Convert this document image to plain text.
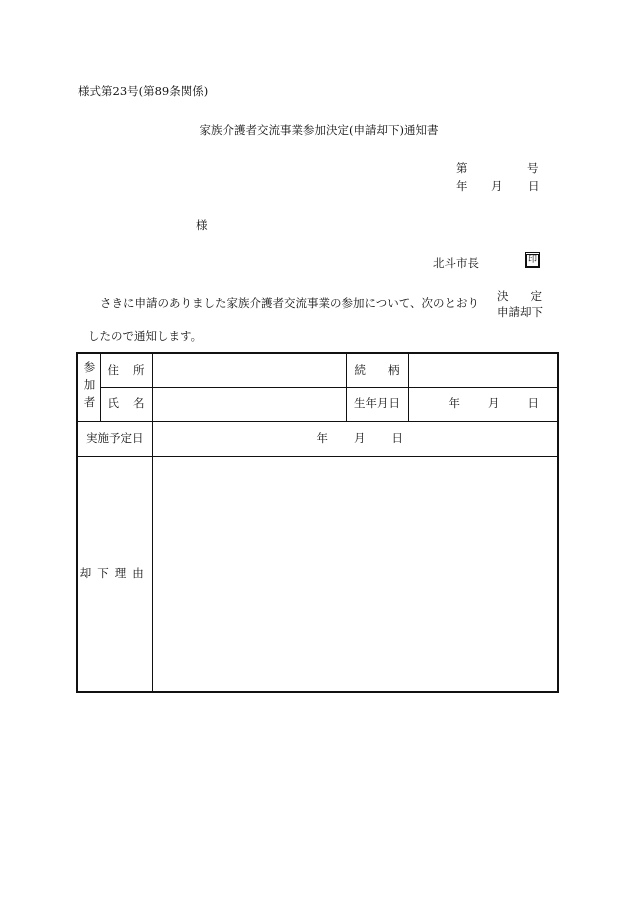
様式第23号(第89条関係)
家族介護者交流事業参加決定(申請却下)通知書
第	号
年 月 日
様
北斗市長	印
さきに申請のありました家族介護者交流事業の参加について、次のとおり 決 定
申請却下
したので通知します。
参加者	住 所		続 柄	
	氏 名		生年月日	年 月 日
実施予定日		年 月 日		
却下理由				
